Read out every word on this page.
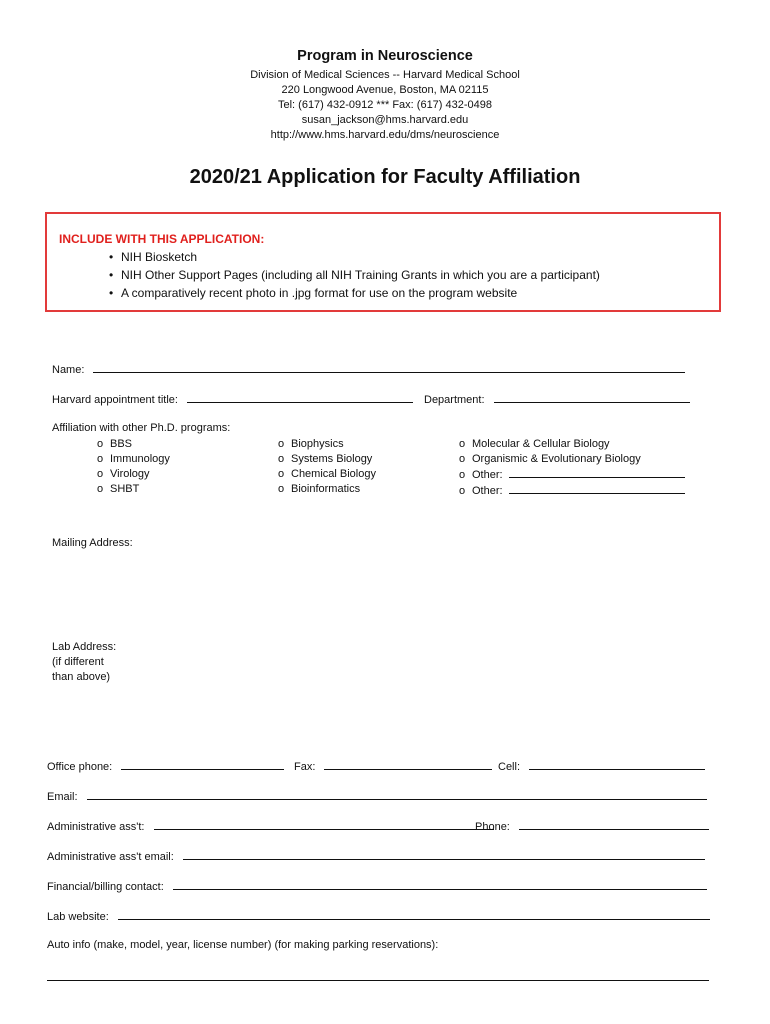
Program in Neuroscience
Division of Medical Sciences -- Harvard Medical School
220 Longwood Avenue, Boston, MA 02115
Tel: (617) 432-0912 *** Fax: (617) 432-0498
susan_jackson@hms.harvard.edu
http://www.hms.harvard.edu/dms/neuroscience
2020/21 Application for Faculty Affiliation
INCLUDE WITH THIS APPLICATION:
• NIH Biosketch
• NIH Other Support Pages (including all NIH Training Grants in which you are a participant)
• A comparatively recent photo in .jpg format for use on the program website
Name:
Harvard appointment title:	Department:
Affiliation with other Ph.D. programs:
o BBS
o Immunology
o Virology
o SHBT
o Biophysics
o Systems Biology
o Chemical Biology
o Bioinformatics
o Molecular & Cellular Biology
o Organismic & Evolutionary Biology
o Other:
o Other:
Mailing Address:
Lab Address:
(if different
than above)
Office phone:	Fax:	Cell:
Email:
Administrative ass't:	Phone:
Administrative ass't email:
Financial/billing contact:
Lab website:
Auto info (make, model, year, license number) (for making parking reservations):
